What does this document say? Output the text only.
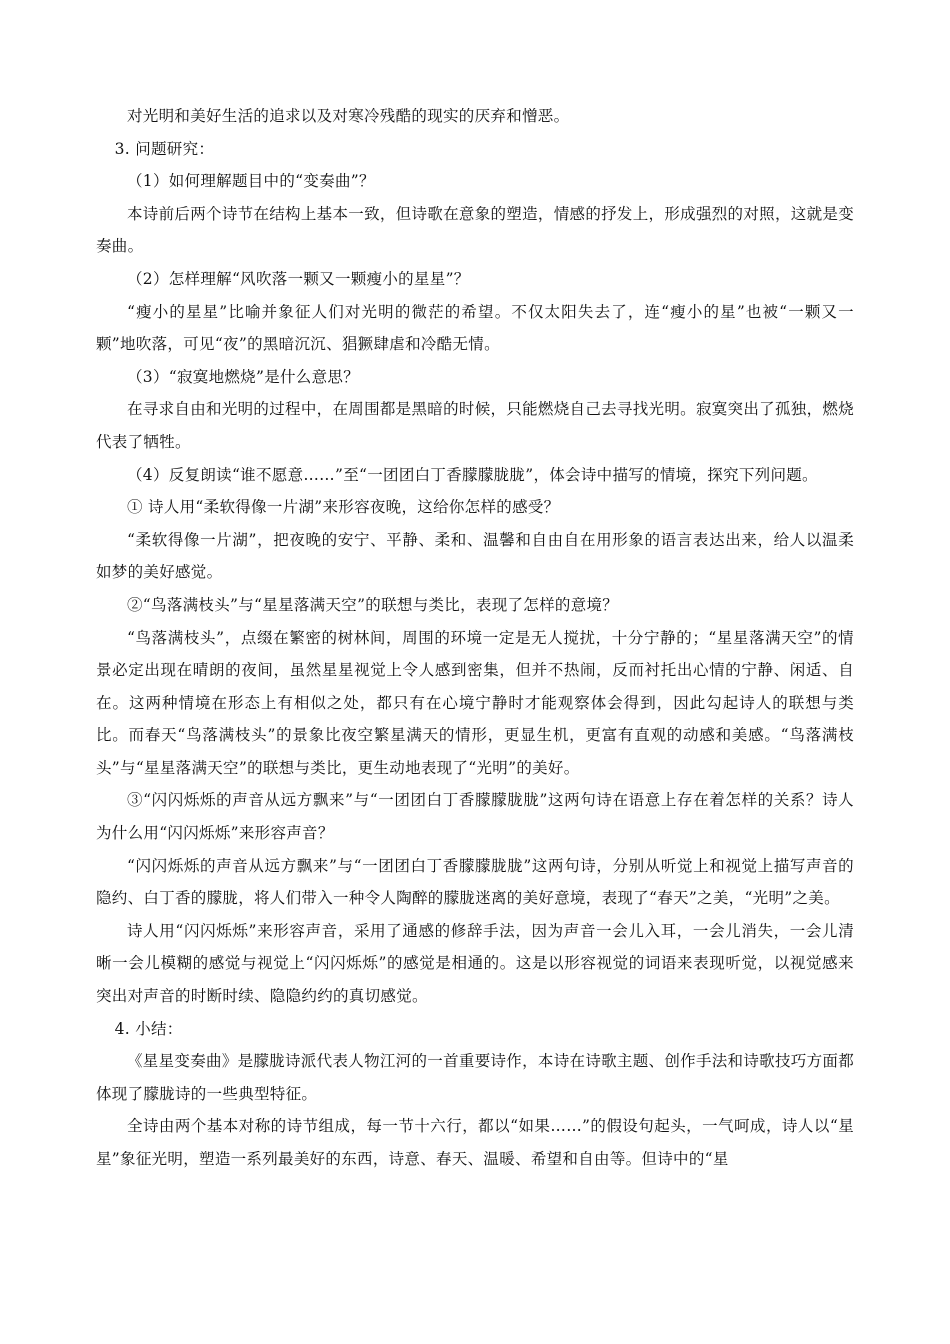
对光明和美好生活的追求以及对寒冷残酷的现实的厌弃和憎恶。

3. 问题研究：

（1）如何理解题目中的“变奏曲”？

本诗前后两个诗节在结构上基本一致，但诗歌在意象的塑造，情感的抒发上，形成强烈的对照，这就是变奏曲。

（2）怎样理解“风吹落一颗又一颗瘦小的星星”？

“瘦小的星星”比喻并象征人们对光明的微茫的希望。不仅太阳失去了，连“瘦小的星”也被“一颗又一颗”地吹落，可见“夜”的黑暗沉沉、猖獗肆虐和冷酷无情。

（3）“寂寞地燃烧”是什么意思？

在寻求自由和光明的过程中，在周围都是黑暗的时候，只能燃烧自己去寻找光明。寂寞突出了孤独，燃烧代表了牺牲。

（4）反复朗读“谁不愿意……”至“一团团白丁香朦朦胧胧”，体会诗中描写的情境，探究下列问题。

① 诗人用“柔软得像一片湖”来形容夜晚，这给你怎样的感受？

“柔软得像一片湖”，把夜晚的安宁、平静、柔和、温馨和自由自在用形象的语言表达出来，给人以温柔如梦的美好感觉。

②“鸟落满枝头”与“星星落满天空”的联想与类比，表现了怎样的意境？

“鸟落满枝头”，点缀在繁密的树林间，周围的环境一定是无人搅扰，十分宁静的；“星星落满天空”的情景必定出现在晴朗的夜间，虽然星星视觉上令人感到密集，但并不热闹，反而衬托出心情的宁静、闲适、自在。这两种情境在形态上有相似之处，都只有在心境宁静时才能观察体会得到，因此勾起诗人的联想与类比。而春天“鸟落满枝头”的景象比夜空繁星满天的情形，更显生机，更富有直观的动感和美感。“鸟落满枝头”与“星星落满天空”的联想与类比，更生动地表现了“光明”的美好。

③“闪闪烁烁的声音从远方飘来”与“一团团白丁香朦朦胧胧”这两句诗在语意上存在着怎样的关系？诗人为什么用“闪闪烁烁”来形容声音？

“闪闪烁烁的声音从远方飘来”与“一团团白丁香朦朦胧胧”这两句诗，分别从听觉上和视觉上描写声音的隐约、白丁香的朦胧，将人们带入一种令人陶醉的朦胧迷离的美好意境，表现了“春天”之美，“光明”之美。

诗人用“闪闪烁烁”来形容声音，采用了通感的修辞手法，因为声音一会儿入耳，一会儿消失，一会儿清晰一会儿模糊的感觉与视觉上“闪闪烁烁”的感觉是相通的。这是以形容视觉的词语来表现听觉，以视觉感来突出对声音的时断时续、隐隐约约的真切感觉。

4. 小结：

《星星变奏曲》是朦胧诗派代表人物江河的一首重要诗作，本诗在诗歌主题、创作手法和诗歌技巧方面都体现了朦胧诗的一些典型特征。

全诗由两个基本对称的诗节组成，每一节十六行，都以“如果……”的假设句起头，一气呵成，诗人以“星星”象征光明，塑造一系列最美好的东西，诗意、春天、温暖、希望和自由等。但诗中的“星
